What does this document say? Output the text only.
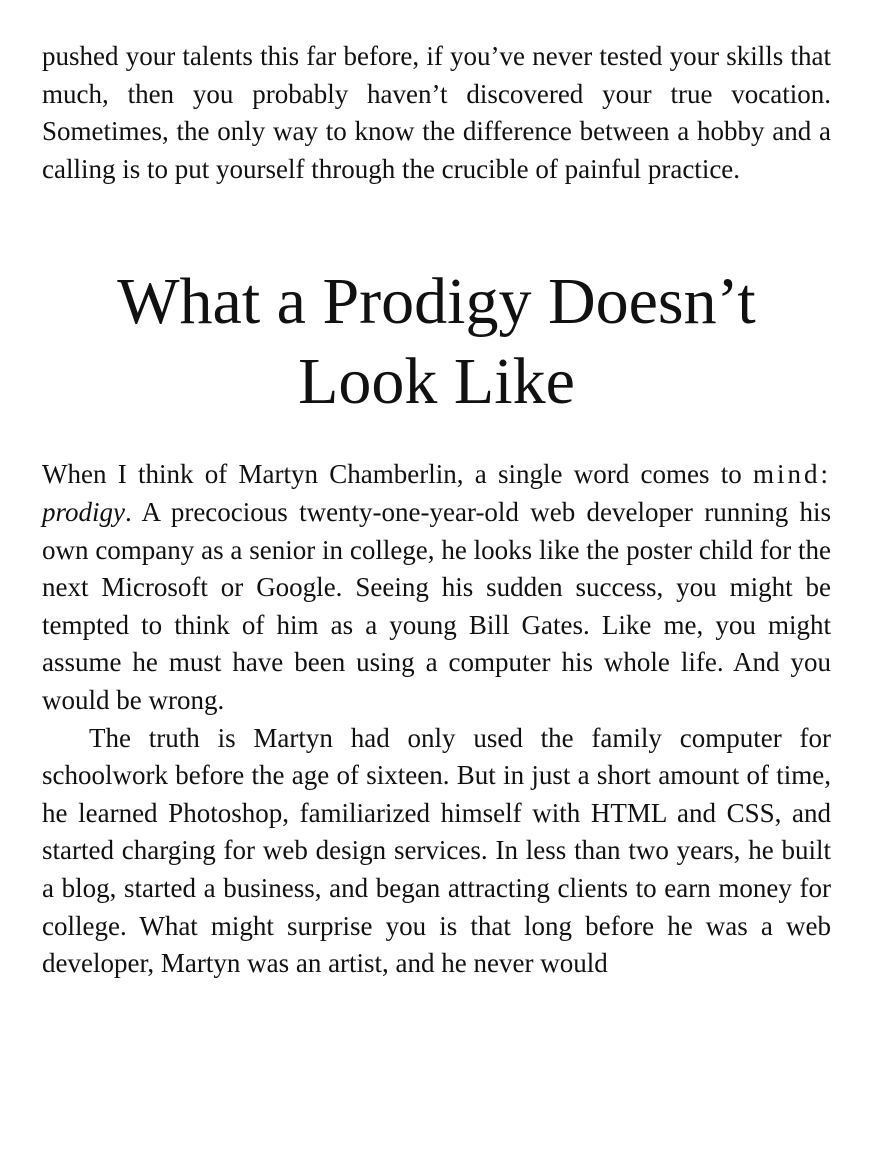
pushed your talents this far before, if you’ve never tested your skills that much, then you probably haven’t discovered your true vocation. Sometimes, the only way to know the difference between a hobby and a calling is to put yourself through the crucible of painful practice.

What a Prodigy Doesn’t
Look Like

When I think of Martyn Chamberlin, a single word comes to mind: prodigy. A precocious twenty-one-year-old web developer running his own company as a senior in college, he looks like the poster child for the next Microsoft or Google. Seeing his sudden success, you might be tempted to think of him as a young Bill Gates. Like me, you might assume he must have been using a computer his whole life. And you would be wrong.

The truth is Martyn had only used the family computer for schoolwork before the age of sixteen. But in just a short amount of time, he learned Photoshop, familiarized himself with HTML and CSS, and started charging for web design services. In less than two years, he built a blog, started a business, and began attracting clients to earn money for college. What might surprise you is that long before he was a web developer, Martyn was an artist, and he never would
